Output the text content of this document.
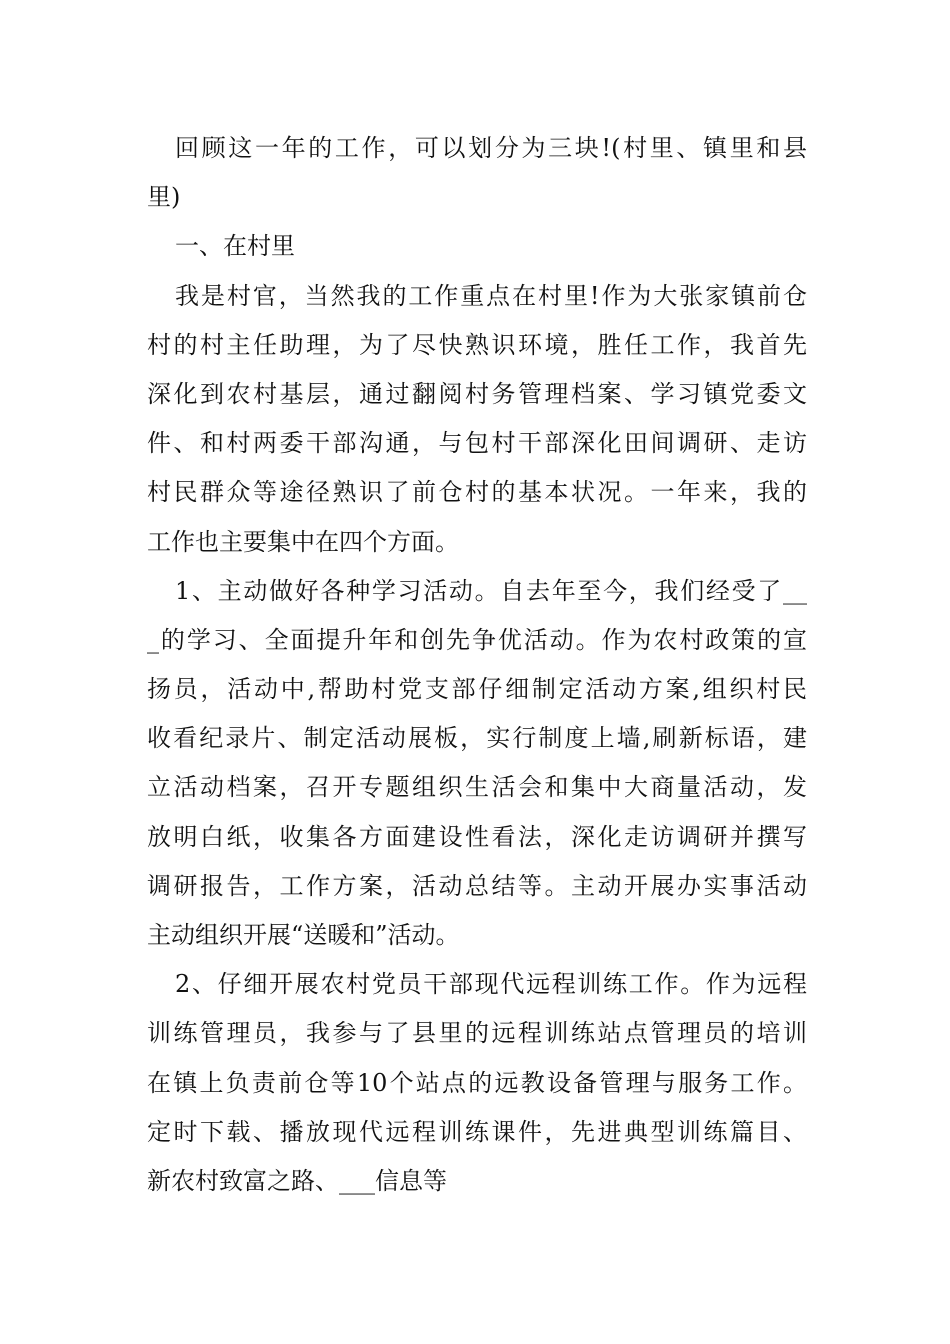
回顾这一年的工作，可以划分为三块!(村里、镇里和县
里)
一、在村里
我是村官，当然我的工作重点在村里!作为大张家镇前仓
村的村主任助理，为了尽快熟识环境，胜任工作，我首先
深化到农村基层，通过翻阅村务管理档案、学习镇党委文
件、和村两委干部沟通，与包村干部深化田间调研、走访
村民群众等途径熟识了前仓村的基本状况。一年来，我的
工作也主要集中在四个方面。
1、主动做好各种学习活动。自去年至今，我们经受了__
_的学习、全面提升年和创先争优活动。作为农村政策的宣
扬员，活动中,帮助村党支部仔细制定活动方案,组织村民
收看纪录片、制定活动展板，实行制度上墙,刷新标语，建
立活动档案，召开专题组织生活会和集中大商量活动，发
放明白纸，收集各方面建设性看法，深化走访调研并撰写
调研报告，工作方案，活动总结等。主动开展办实事活动
主动组织开展“送暖和”活动。
2、仔细开展农村党员干部现代远程训练工作。作为远程
训练管理员，我参与了县里的远程训练站点管理员的培训
在镇上负责前仓等10个站点的远教设备管理与服务工作。
定时下载、播放现代远程训练课件，先进典型训练篇目、
新农村致富之路、___信息等
